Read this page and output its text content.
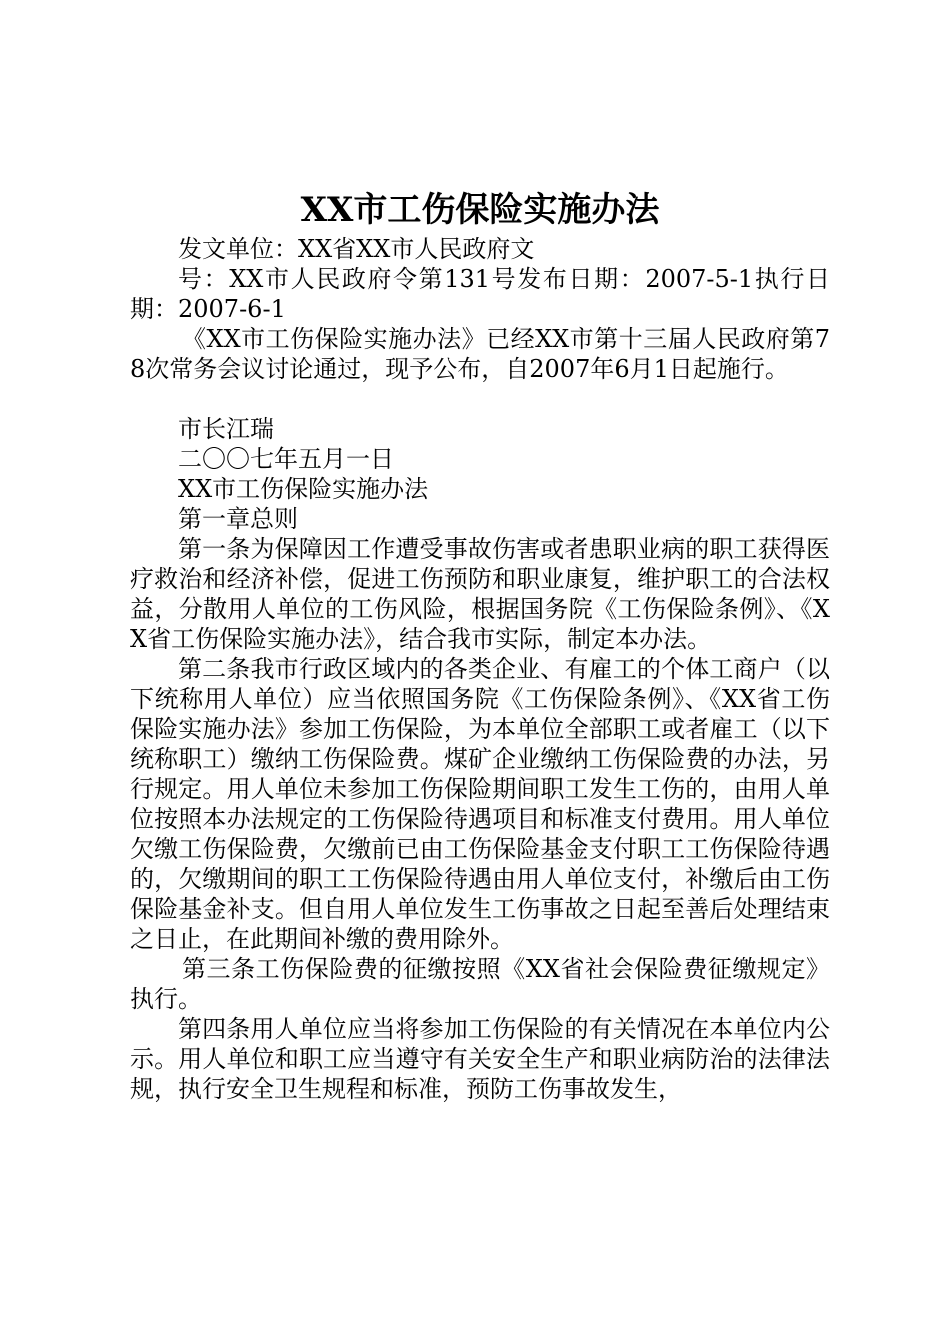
XX市工伤保险实施办法

发文单位：XX省XX市人民政府文

号：XX市人民政府令第131号发布日期：2007-5-1执行日期：2007-6-1

《XX市工伤保险实施办法》已经XX市第十三届人民政府第78次常务会议讨论通过，现予公布，自2007年6月1日起施行。

市长江瑞

二〇〇七年五月一日

XX市工伤保险实施办法

第一章总则

第一条为保障因工作遭受事故伤害或者患职业病的职工获得医疗救治和经济补偿，促进工伤预防和职业康复，维护职工的合法权益，分散用人单位的工伤风险，根据国务院《工伤保险条例》、《XX省工伤保险实施办法》，结合我市实际，制定本办法。

第二条我市行政区域内的各类企业、有雇工的个体工商户（以下统称用人单位）应当依照国务院《工伤保险条例》、《XX省工伤保险实施办法》参加工伤保险，为本单位全部职工或者雇工（以下统称职工）缴纳工伤保险费。煤矿企业缴纳工伤保险费的办法，另行规定。用人单位未参加工伤保险期间职工发生工伤的，由用人单位按照本办法规定的工伤保险待遇项目和标准支付费用。用人单位欠缴工伤保险费，欠缴前已由工伤保险基金支付职工工伤保险待遇的，欠缴期间的职工工伤保险待遇由用人单位支付，补缴后由工伤保险基金补支。但自用人单位发生工伤事故之日起至善后处理结束之日止，在此期间补缴的费用除外。

第三条工伤保险费的征缴按照《XX省社会保险费征缴规定》执行。

第四条用人单位应当将参加工伤保险的有关情况在本单位内公示。用人单位和职工应当遵守有关安全生产和职业病防治的法律法规，执行安全卫生规程和标准，预防工伤事故发生，
